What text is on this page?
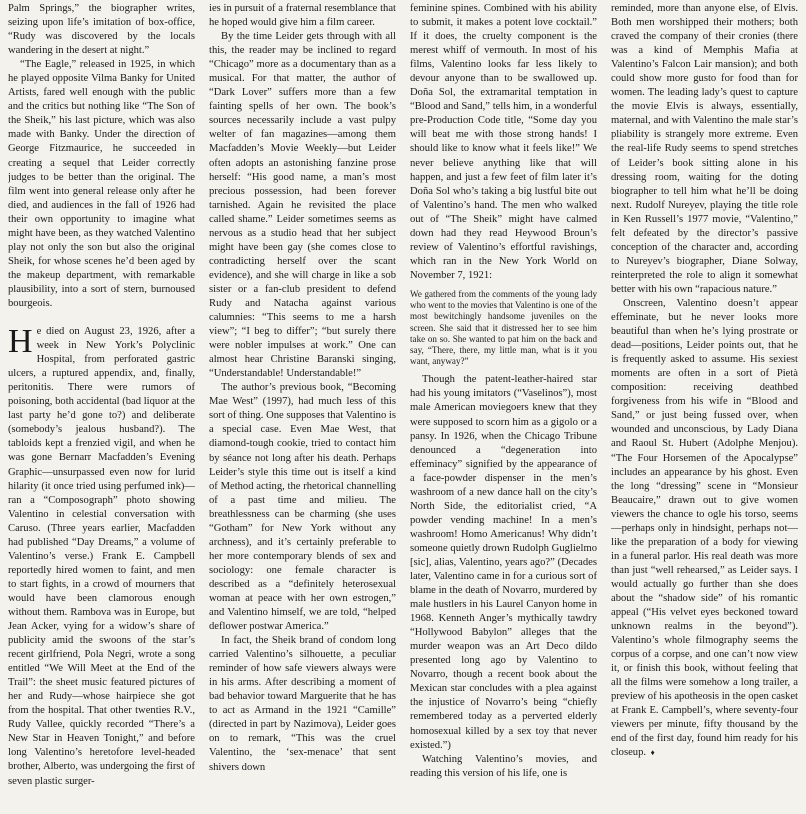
Palm Springs,” the biographer writes, seizing upon life’s imitation of box-office, “Rudy was discovered by the locals wandering in the desert at night.”

“The Eagle,” released in 1925, in which he played opposite Vilma Banky for United Artists, fared well enough with the public and the critics but nothing like “The Son of the Sheik,” his last picture, which was also made with Banky. Under the direction of George Fitzmaurice, he succeeded in creating a sequel that Leider correctly judges to be better than the original. The film went into general release only after he died, and audiences in the fall of 1926 had their own opportunity to imagine what might have been, as they watched Valentino play not only the son but also the original Sheik, for whose scenes he’d been aged by the makeup department, with remarkable plausibility, into a sort of stern, burnoused bourgeois.

He died on August 23, 1926, after a week in New York’s Polyclinic Hospital, from perforated gastric ulcers, a ruptured appendix, and, finally, peritonitis. There were rumors of poisoning, both accidental (bad liquor at the last party he’d gone to?) and deliberate (somebody’s jealous husband?). The tabloids kept a frenzied vigil, and when he was gone Bernarr Macfadden’s Evening Graphic—unsurpassed even now for lurid hilarity (it once tried using perfumed ink)—ran a “Composograph” photo showing Valentino in celestial conversation with Caruso. (Three years earlier, Macfadden had published “Day Dreams,” a volume of Valentino’s verse.) Frank E. Campbell reportedly hired women to faint, and men to start fights, in a crowd of mourners that would have been clamorous enough without them. Rambova was in Europe, but Jean Acker, vying for a widow’s share of publicity amid the swoons of the star’s recent girlfriend, Pola Negri, wrote a song entitled “We Will Meet at the End of the Trail”: the sheet music featured pictures of her and Rudy—whose hairpiece she got from the hospital. That other twenties R.V., Rudy Vallee, quickly recorded “There’s a New Star in Heaven Tonight,” and before long Valentino’s heretofore level-headed brother, Alberto, was undergoing the first of seven plastic surger-

ies in pursuit of a fraternal resemblance that he hoped would give him a film career.

By the time Leider gets through with all this, the reader may be inclined to regard “Chicago” more as a documentary than as a musical. For that matter, the author of “Dark Lover” suffers more than a few fainting spells of her own. The book’s sources necessarily include a vast pulpy welter of fan magazines—among them Macfadden’s Movie Weekly—but Leider often adopts an astonishing fanzine prose herself: “His good name, a man’s most precious possession, had been forever tarnished. Again he revisited the place called shame.” Leider sometimes seems as nervous as a studio head that her subject might have been gay (she comes close to contradicting herself over the scant evidence), and she will charge in like a sob sister or a fan-club president to defend Rudy and Natacha against various calumnies: “This seems to me a harsh view”; “I beg to differ”; “but surely there were nobler impulses at work.” One can almost hear Christine Baranski singing, “Understandable! Understandable!”

The author’s previous book, “Becoming Mae West” (1997), had much less of this sort of thing. One supposes that Valentino is a special case. Even Mae West, that diamond-tough cookie, tried to contact him by séance not long after his death. Perhaps Leider’s style this time out is itself a kind of Method acting, the rhetorical channelling of a past time and milieu. The breathlessness can be charming (she uses “Gotham” for New York without any archness), and it’s certainly preferable to her more contemporary blends of sex and sociology: one female character is described as a “definitely heterosexual woman at peace with her own estrogen,” and Valentino himself, we are told, “helped deflower postwar America.”

In fact, the Sheik brand of condom long carried Valentino’s silhouette, a peculiar reminder of how safe viewers always were in his arms. After describing a moment of bad behavior toward Marguerite that he has to act as Armand in the 1921 “Camille” (directed in part by Nazimova), Leider goes on to remark, “This was the cruel Valentino, the ‘sex-menace’ that sent shivers down

feminine spines. Combined with his ability to submit, it makes a potent love cocktail.” If it does, the cruelty component is the merest whiff of vermouth. In most of his films, Valentino looks far less likely to devour anyone than to be swallowed up. Doña Sol, the extramarital temptation in “Blood and Sand,” tells him, in a wonderful pre-Production Code title, “Some day you will beat me with those strong hands! I should like to know what it feels like!” We never believe anything like that will happen, and just a few feet of film later it’s Doña Sol who’s taking a big lustful bite out of Valentino’s hand. The men who walked out of “The Sheik” might have calmed down had they read Heywood Broun’s review of Valentino’s effortful ravishings, which ran in the New York World on November 7, 1921:

We gathered from the comments of the young lady who went to the movies that Valentino is one of the most bewitchingly handsome juveniles on the screen. She said that it distressed her to see him take on so. She wanted to pat him on the back and say, “There, there, my little man, what is it you want, anyway?”

Though the patent-leather-haired star had his young imitators (“Vaselinos”), most male American moviegoers knew that they were supposed to scorn him as a gigolo or a pansy. In 1926, when the Chicago Tribune denounced a “degeneration into effeminacy” signified by the appearance of a face-powder dispenser in the men’s washroom of a new dance hall on the city’s North Side, the editorialist cried, “A powder vending machine! In a men’s washroom! Homo Americanus! Why didn’t someone quietly drown Rudolph Guglielmo [sic], alias, Valentino, years ago?” (Decades later, Valentino came in for a curious sort of blame in the death of Novarro, murdered by male hustlers in his Laurel Canyon home in 1968. Kenneth Anger’s mythically tawdry “Hollywood Babylon” alleges that the murder weapon was an Art Deco dildo presented long ago by Valentino to Novarro, though a recent book about the Mexican star concludes with a plea against the injustice of Novarro’s being “chiefly remembered today as a perverted elderly homosexual killed by a sex toy that never existed.”)

Watching Valentino’s movies, and reading this version of his life, one is

reminded, more than anyone else, of Elvis. Both men worshipped their mothers; both craved the company of their cronies (there was a kind of Memphis Mafia at Valentino’s Falcon Lair mansion); and both could show more gusto for food than for women. The leading lady’s quest to capture the movie Elvis is always, essentially, maternal, and with Valentino the male star’s pliability is strangely more extreme. Even the real-life Rudy seems to spend stretches of Leider’s book sitting alone in his dressing room, waiting for the doting biographer to tell him what he’ll be doing next. Rudolf Nureyev, playing the title role in Ken Russell’s 1977 movie, “Valentino,” felt defeated by the director’s passive conception of the character and, according to Nureyev’s biographer, Diane Solway, reinterpreted the role to align it somewhat better with his own “rapacious nature.”

Onscreen, Valentino doesn’t appear effeminate, but he never looks more beautiful than when he’s lying prostrate or dead—positions, Leider points out, that he is frequently asked to assume. His sexiest moments are often in a sort of Pietà composition: receiving deathbed forgiveness from his wife in “Blood and Sand,” or just being fussed over, when wounded and unconscious, by Lady Diana and Raoul St. Hubert (Adolphe Menjou). “The Four Horsemen of the Apocalypse” includes an appearance by his ghost. Even the long “dressing” scene in “Monsieur Beaucaire,” drawn out to give women viewers the chance to ogle his torso, seems—perhaps only in hindsight, perhaps not—like the preparation of a body for viewing in a funeral parlor. His real death was more than just “well rehearsed,” as Leider says. I would actually go further than she does about the “shadow side” of his romantic appeal (“His velvet eyes beckoned toward unknown realms in the beyond”). Valentino’s whole filmography seems the corpus of a corpse, and one can’t now view it, or finish this book, without feeling that all the films were somehow a long trailer, a preview of his apotheosis in the open casket at Frank E. Campbell’s, where seventy-four viewers per minute, fifty thousand by the end of the first day, found him ready for his closeup. ♦
